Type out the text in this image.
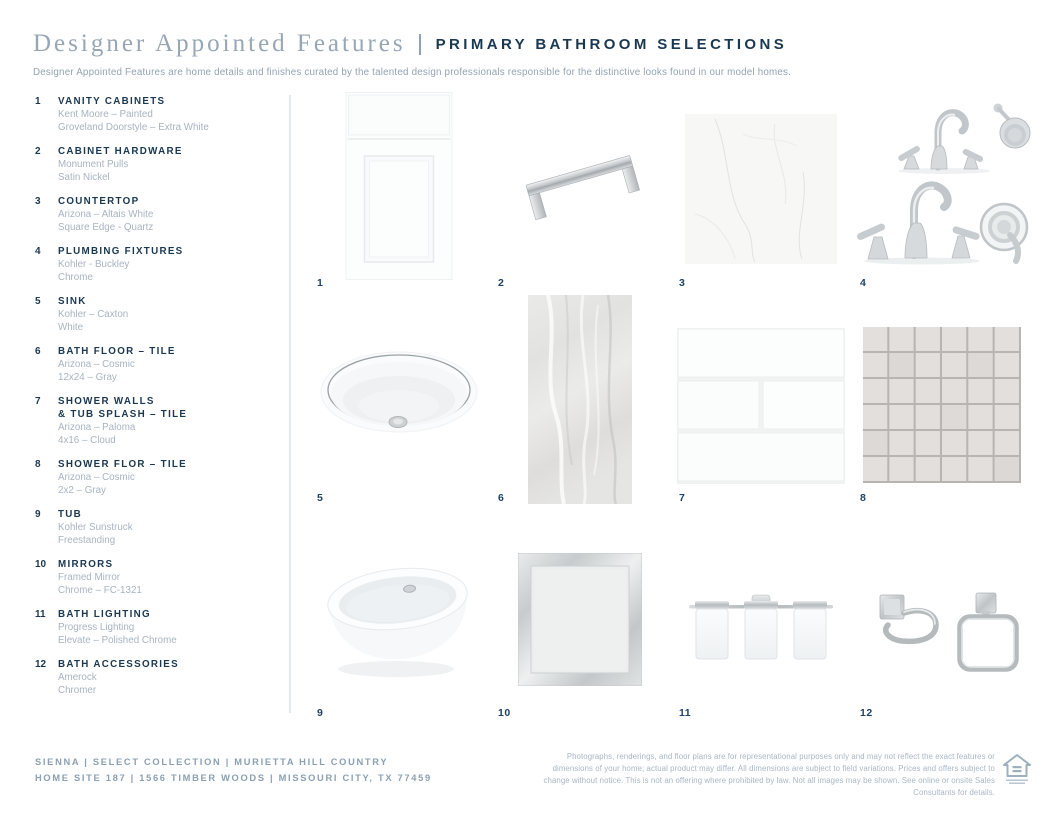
Designer Appointed Features PRIMARY BATHROOM SELECTIONS
Designer Appointed Features are home details and finishes curated by the talented design professionals responsible for the distinctive looks found in our model homes.
1	VANITY CABINETS
Kent Moore – Painted
Groveland Doorstyle – Extra White
2	CABINET HARDWARE
Monument Pulls
Satin Nickel
3	COUNTERTOP
Arizona – Altais White
Square Edge - Quartz
4	PLUMBING FIXTURES
Kohler - Buckley
Chrome
5	SINK
Kohler – Caxton
White
6	BATH FLOOR – TILE
Arizona – Cosmic
12x24 – Gray
7	SHOWER WALLS
& TUB SPLASH – TILE
Arizona – Paloma
4x16 – Cloud
8	SHOWER FLOR – TILE
Arizona – Cosmic
2x2 – Gray
9	TUB
Kohler Sunstruck
Freestanding
10	MIRRORS
Framed Mirror
Chrome – FC-1321
11	BATH LIGHTING
Progress Lighting
Elevate – Polished Chrome
12	BATH ACCESSORIES
Amerock
Chromer
1	2	3	4
5	6	7	8
9	10	11	12
SIENNA | SELECT COLLECTION | MURIETTA HILL COUNTRY
HOME SITE 187 | 1566 TIMBER WOODS | MISSOURI CITY, TX 77459
Photographs, renderings, and floor plans are for representational purposes only and may not reflect the exact features or dimensions of your home; actual product may differ. All dimensions are subject to field variations. Prices and offers subject to change without notice. This is not an offering where prohibited by law. Not all images may be shown. See online or onsite Sales Consultants for details.
